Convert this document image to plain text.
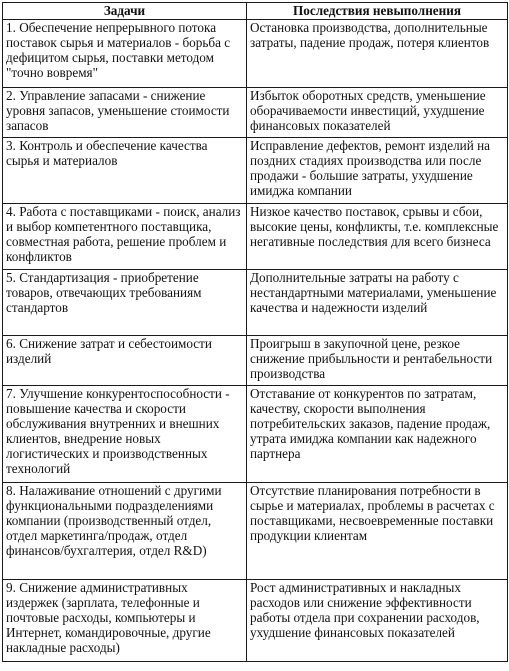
Задачи	Последствия невыполнения
1. Обеспечение непрерывного потока поставок сырья и материалов - борьба с дефицитом сырья, поставки методом "точно вовремя"	Остановка производства, дополнительные затраты, падение продаж, потеря клиентов
2. Управление запасами - снижение уровня запасов, уменьшение стоимости запасов	Избыток оборотных средств, уменьшение оборачиваемости инвестиций, ухудшение финансовых показателей
3. Контроль и обеспечение качества сырья и материалов	Исправление дефектов, ремонт изделий на поздних стадиях производства или после продажи - большие затраты, ухудшение имиджа компании
4. Работа с поставщиками - поиск, анализ и выбор компетентного поставщика, совместная работа, решение проблем и конфликтов	Низкое качество поставок, срывы и сбои, высокие цены, конфликты, т.е. комплексные негативные последствия для всего бизнеса
5. Стандартизация - приобретение товаров, отвечающих требованиям стандартов	Дополнительные затраты на работу с нестандартными материалами, уменьшение качества и надежности изделий
6. Снижение затрат и себестоимости изделий	Проигрыш в закупочной цене, резкое снижение прибыльности и рентабельности производства
7. Улучшение конкурентоспособности - повышение качества и скорости обслуживания внутренних и внешних клиентов, внедрение новых логистических и производственных технологий	Отставание от конкурентов по затратам, качеству, скорости выполнения потребительских заказов, падение продаж, утрата имиджа компании как надежного партнера
8. Налаживание отношений с другими функциональными подразделениями компании (производственный отдел, отдел маркетинга/продаж, отдел финансов/бухгалтерия, отдел R&D)	Отсутствие планирования потребности в сырье и материалах, проблемы в расчетах с поставщиками, несвоевременные поставки продукции клиентам
9. Снижение административных издержек (зарплата, телефонные и почтовые расходы, компьютеры и Интернет, командировочные, другие накладные расходы)	Рост административных и накладных расходов или снижение эффективности работы отдела при сохранении расходов, ухудшение финансовых показателей
